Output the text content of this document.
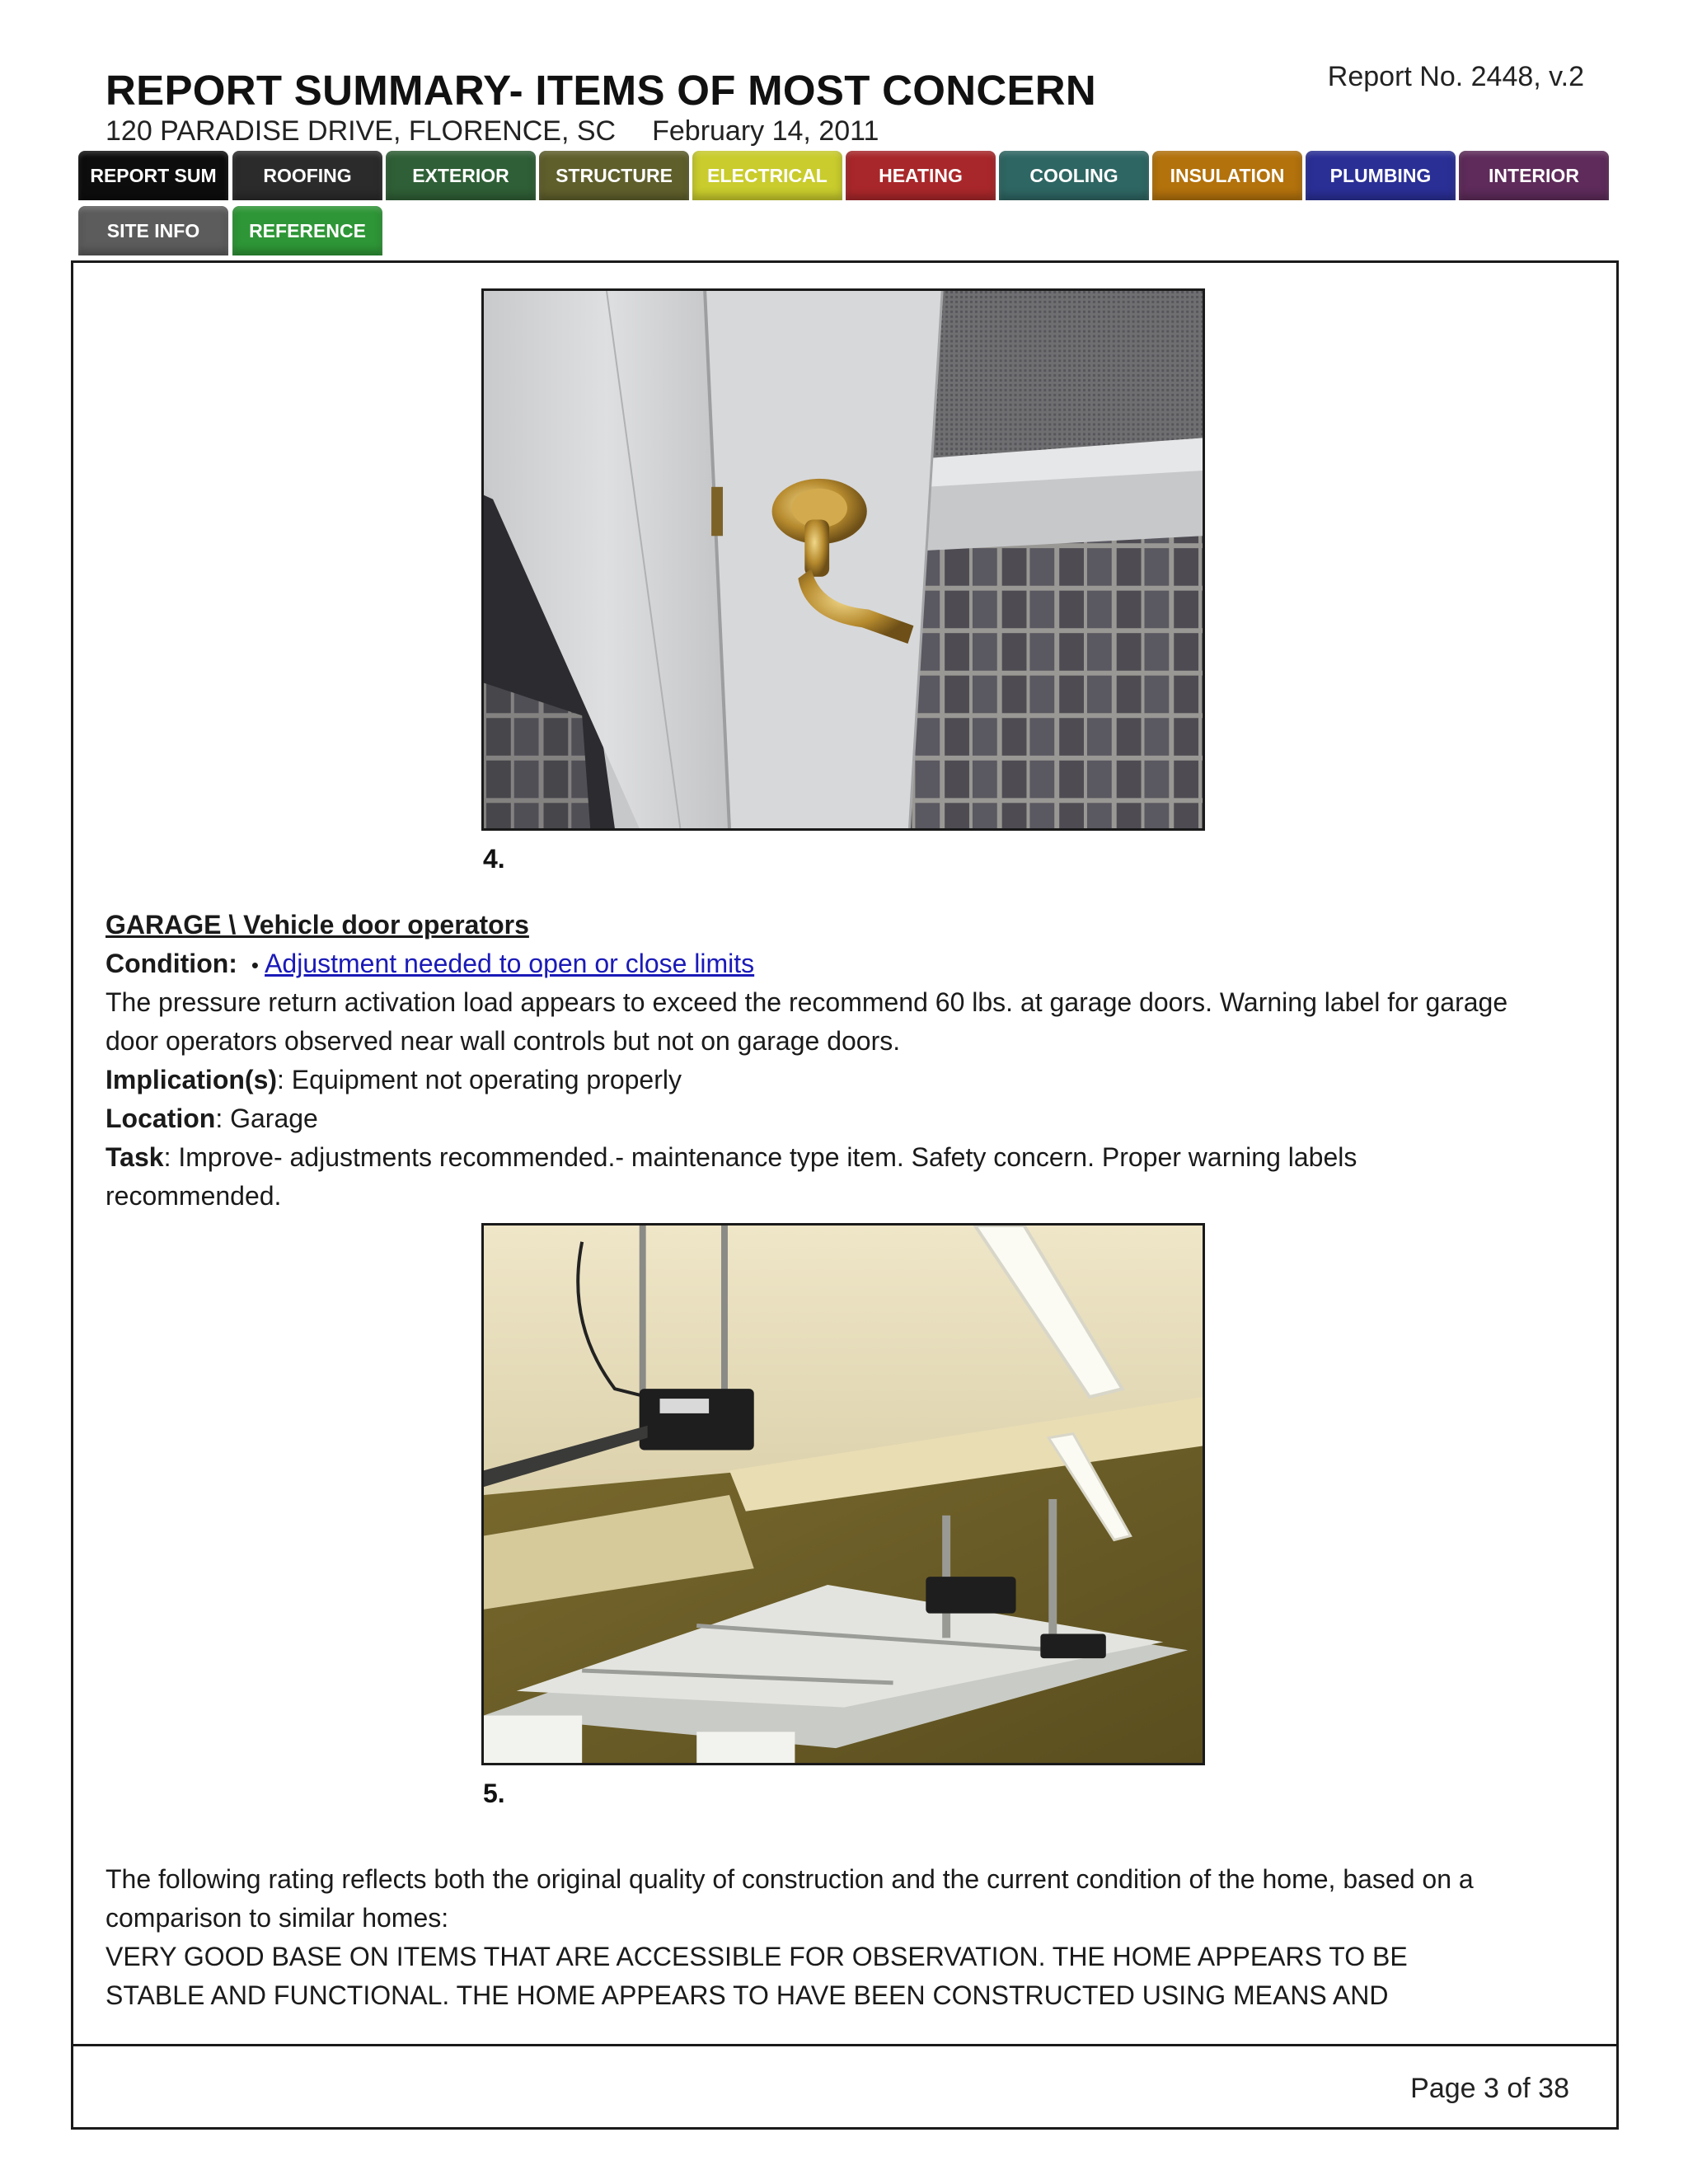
REPORT SUMMARY- ITEMS OF MOST CONCERN	Report No. 2448, v.2
120 PARADISE DRIVE, FLORENCE, SC February 14, 2011
REPORT SUM	ROOFING	EXTERIOR	STRUCTURE	ELECTRICAL	HEATING	COOLING	INSULATION	PLUMBING	INTERIOR
SITE INFO	REFERENCE
Page 3 of 38
4.
GARAGE \ Vehicle door operators
Condition: • Adjustment needed to open or close limits
The pressure return activation load appears to exceed the recommend 60 lbs. at garage doors. Warning label for garage
door operators observed near wall controls but not on garage doors.
Implication(s): Equipment not operating properly
Location: Garage
Task: Improve- adjustments recommended.- maintenance type item. Safety concern. Proper warning labels
recommended.
5.
The following rating reflects both the original quality of construction and the current condition of the home, based on a
comparison to similar homes:
VERY GOOD BASE ON ITEMS THAT ARE ACCESSIBLE FOR OBSERVATION. THE HOME APPEARS TO BE
STABLE AND FUNCTIONAL. THE HOME APPEARS TO HAVE BEEN CONSTRUCTED USING MEANS AND
